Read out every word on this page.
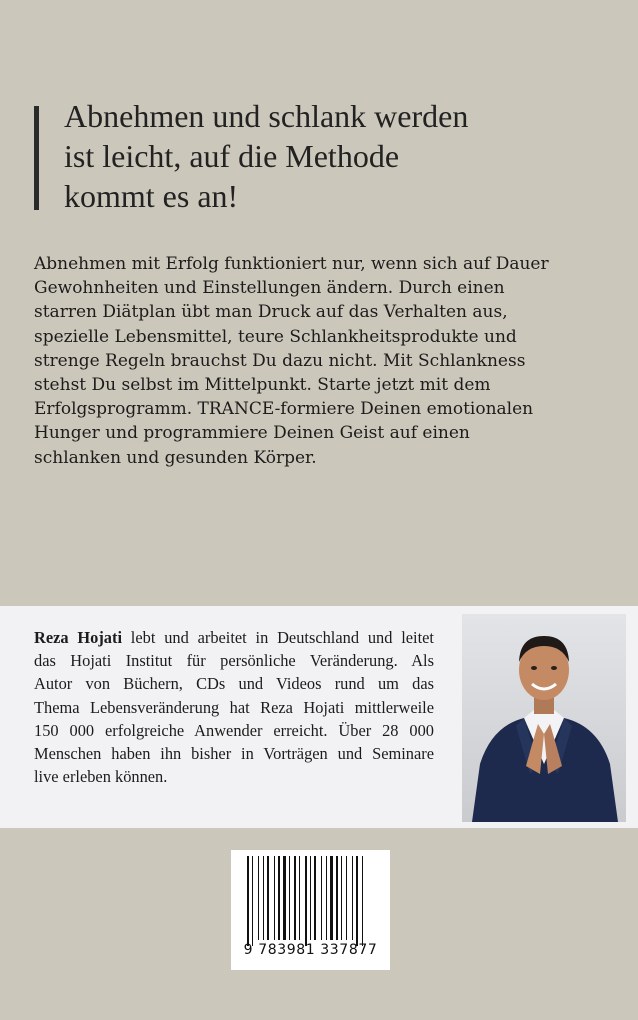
Abnehmen und schlank werden
ist leicht, auf die Methode
kommt es an!
Abnehmen mit Erfolg funktioniert nur, wenn sich auf Dauer
Gewohnheiten und Einstellungen ändern. Durch einen
starren Diätplan übt man Druck auf das Verhalten aus,
spezielle Lebensmittel, teure Schlankheitsprodukte und
strenge Regeln brauchst Du dazu nicht. Mit Schlankness
stehst Du selbst im Mittelpunkt. Starte jetzt mit dem
Erfolgsprogramm. TRANCE-formiere Deinen emotionalen
Hunger und programmiere Deinen Geist auf einen
schlanken und gesunden Körper.
Reza Hojati lebt und arbeitet in Deutschland und leitet
das Hojati Institut für persönliche Veränderung. Als
Autor von Büchern, CDs und Videos rund um das
Thema Lebensveränderung hat Reza Hojati mittlerweile
150 000 erfolgreiche Anwender erreicht. Über 28 000
Menschen haben ihn bisher in Vorträgen und Seminare
live erleben können.
9 783981 337877
